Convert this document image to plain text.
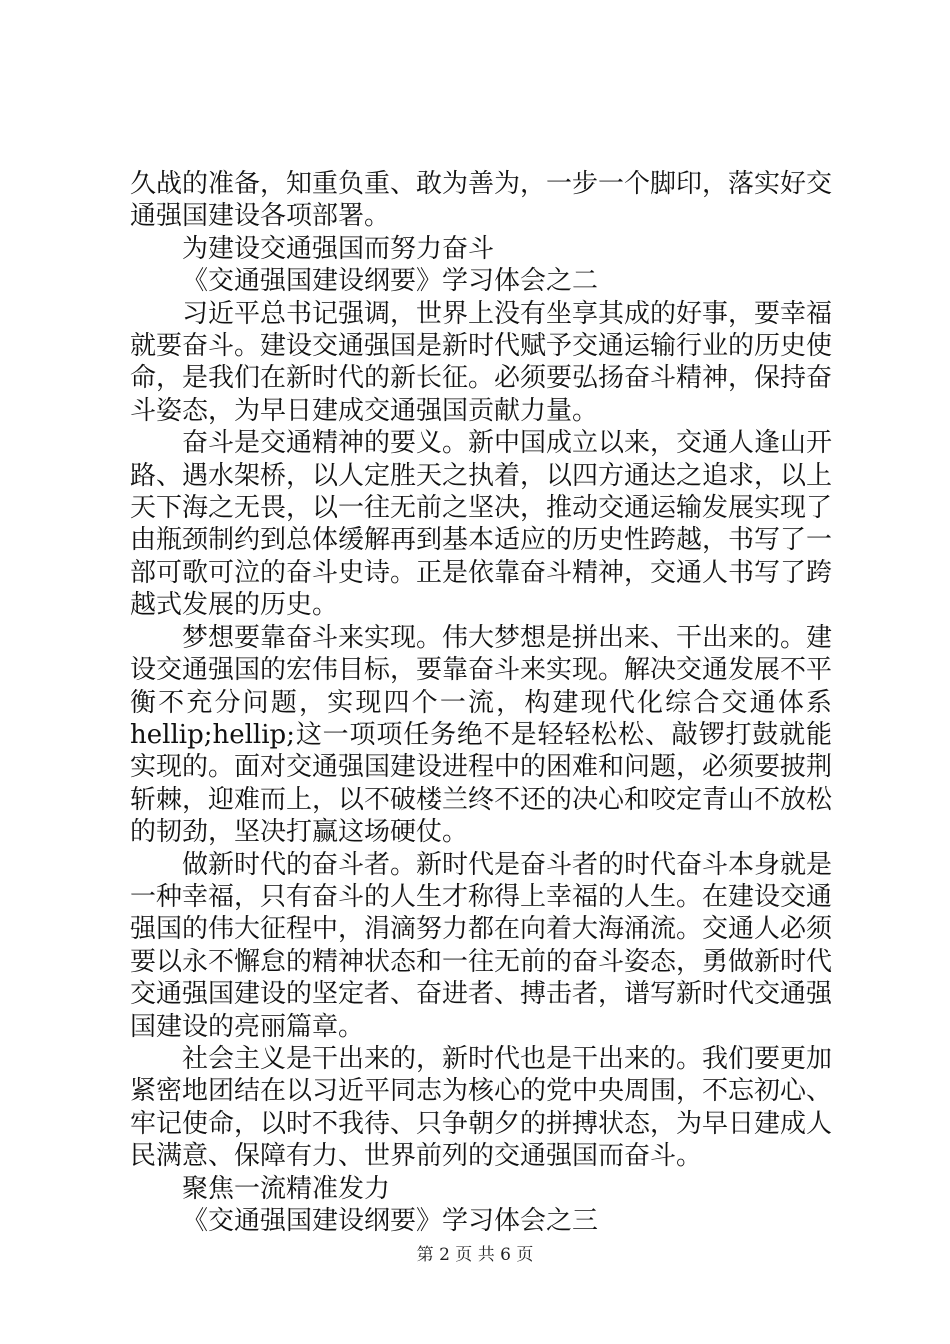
久战的准备，知重负重、敢为善为，一步一个脚印，落实好交通强国建设各项部署。

为建设交通强国而努力奋斗

《交通强国建设纲要》学习体会之二

习近平总书记强调，世界上没有坐享其成的好事，要幸福就要奋斗。建设交通强国是新时代赋予交通运输行业的历史使命，是我们在新时代的新长征。必须要弘扬奋斗精神，保持奋斗姿态，为早日建成交通强国贡献力量。

奋斗是交通精神的要义。新中国成立以来，交通人逢山开路、遇水架桥，以人定胜天之执着，以四方通达之追求，以上天下海之无畏，以一往无前之坚决，推动交通运输发展实现了由瓶颈制约到总体缓解再到基本适应的历史性跨越，书写了一部可歌可泣的奋斗史诗。正是依靠奋斗精神，交通人书写了跨越式发展的历史。

梦想要靠奋斗来实现。伟大梦想是拼出来、干出来的。建设交通强国的宏伟目标，要靠奋斗来实现。解决交通发展不平衡不充分问题，实现四个一流，构建现代化综合交通体系hellip;hellip;这一项项任务绝不是轻轻松松、敲锣打鼓就能实现的。面对交通强国建设进程中的困难和问题，必须要披荆斩棘，迎难而上，以不破楼兰终不还的决心和咬定青山不放松的韧劲，坚决打赢这场硬仗。

做新时代的奋斗者。新时代是奋斗者的时代奋斗本身就是一种幸福，只有奋斗的人生才称得上幸福的人生。在建设交通强国的伟大征程中，涓滴努力都在向着大海涌流。交通人必须要以永不懈怠的精神状态和一往无前的奋斗姿态，勇做新时代交通强国建设的坚定者、奋进者、搏击者，谱写新时代交通强国建设的亮丽篇章。

社会主义是干出来的，新时代也是干出来的。我们要更加紧密地团结在以习近平同志为核心的党中央周围，不忘初心、牢记使命，以时不我待、只争朝夕的拼搏状态，为早日建成人民满意、保障有力、世界前列的交通强国而奋斗。

聚焦一流精准发力

《交通强国建设纲要》学习体会之三

第 2 页 共 6 页
